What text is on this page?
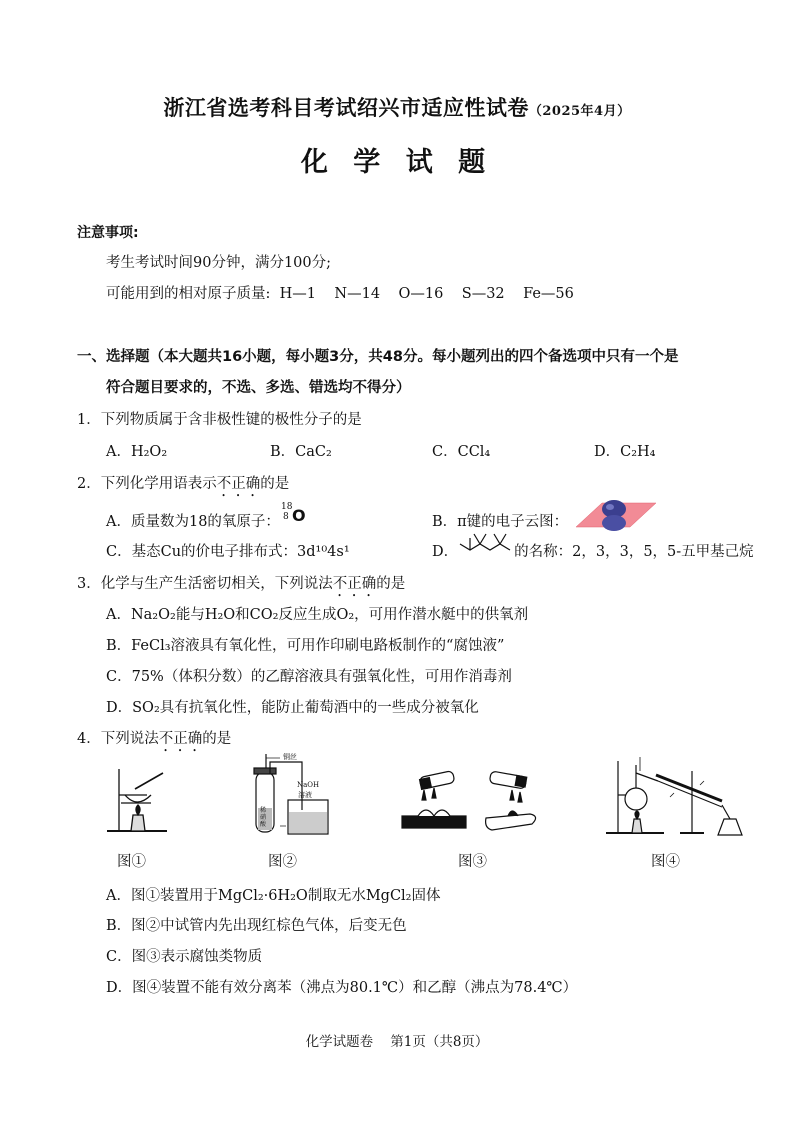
浙江省选考科目考试绍兴市适应性试卷（2025年4月）
化 学 试 题
注意事项:
考生考试时间90分钟，满分100分;
可能用到的相对原子质量: H—1    N—14    O—16    S—32    Fe—56
一、选择题（本大题共16小题，每小题3分，共48分。每小题列出的四个备选项中只有一个是
符合题目要求的，不选、多选、错选均不得分）
1．下列物质属于含非极性键的极性分子的是
A．H₂O₂	B．CaC₂	C．CCl₄	D．C₂H₄
2．下列化学用语表示不正确的是
A．质量数为18的氧原子：
18
8 O	B．π键的电子云图：
C．基态Cu的价电子排布式：3d¹⁰4s¹	D．	的名称：2，3，3，5，5-五甲基己烷
3．化学与生产生活密切相关，下列说法不正确的是
A．Na₂O₂能与H₂O和CO₂反应生成O₂，可用作潜水艇中的供氧剂
B．FeCl₃溶液具有氧化性，可用作印刷电路板制作的“腐蚀液”
C．75%（体积分数）的乙醇溶液具有强氧化性，可用作消毒剂
D．SO₂具有抗氧化性，能防止葡萄酒中的一些成分被氧化
4．下列说法不正确的是
铜丝
NaOH
溶液
稀硝酸
图①	图②	图③	图④
A．图①装置用于MgCl₂·6H₂O制取无水MgCl₂固体
B．图②中试管内先出现红棕色气体，后变无色
C．图③表示腐蚀类物质
D．图④装置不能有效分离苯（沸点为80.1℃）和乙醇（沸点为78.4℃）
化学试题卷    第1页（共8页）
